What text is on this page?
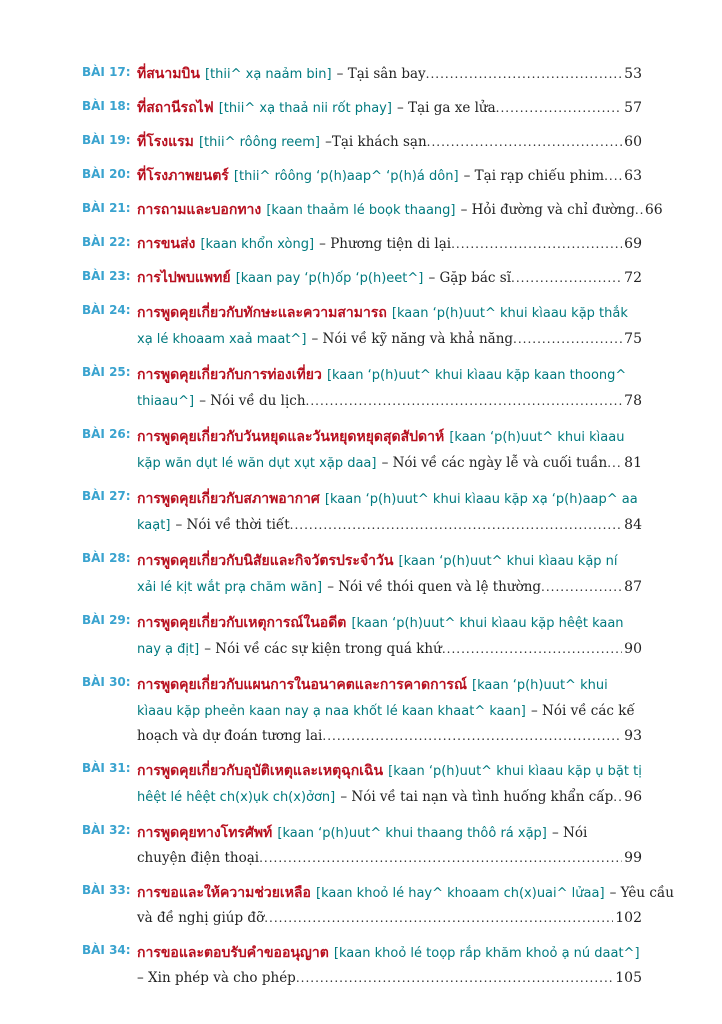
BÀI 17: ที่สนามบิน
[thii^ xạ naảm bin]
– Tại sân bay .....	53
BÀI 18: ที่สถานีรถไฟ
[thii^ xạ thaả nii rốt phay]
– Tại ga xe lửa .....	57
BÀI 19: ที่โรงแรม
[thii^ rôông reem]
–Tại khách sạn .....	60
BÀI 20: ที่โรงภาพยนตร์
[thii^ rôông ‘p(h)aap^ ‘p(h)á dôn]
– Tại rạp chiếu phim ..... 63
BÀI 21: การถามและบอกทาง
[kaan thaảm lé boọk thaang]
– Hỏi đường và chỉ đường ..... 66
BÀI 22: การขนส่ง
[kaan khổn xòng]
– Phương tiện di lại .....	69
BÀI 23: การไปพบแพทย์
[kaan pay ‘p(h)ốp ‘p(h)eet^]
– Gặp bác sĩ .....	72
BÀI 24: การพูดคุยเกี่ยวกับทักษะและความสามารถ
[kaan ‘p(h)uut^ khui kìaau kặp thắk
xạ lé khoaam xaả maat^]
– Nói về kỹ năng và khả năng .....	75
BÀI 25: การพูดคุยเกี่ยวกับการท่องเที่ยว
[kaan ‘p(h)uut^ khui kìaau kặp kaan thoong^
thiaau^]
– Nói về du lịch .....	78
BÀI 26: การพูดคุยเกี่ยวกับวันหยุดและวันหยุดหยุดสุดสัปดาห์
[kaan ‘p(h)uut^ khui kìaau
kặp wăn dụt lé wăn dụt xụt xặp daa]
– Nói về các ngày lễ và cuối tuần ..... 81
BÀI 27: การพูดคุยเกี่ยวกับสภาพอากาศ
[kaan ‘p(h)uut^ khui kìaau kặp xạ ‘p(h)aap^ aa
kaạt]
– Nói về thời tiết .....	84
BÀI 28: การพูดคุยเกี่ยวกับนิสัยและกิจวัตรประจำวัน
[kaan ‘p(h)uut^ khui kìaau kặp ní
xải lé kịt wắt prạ chăm wăn]
– Nói về thói quen và lệ thường .....	87
BÀI 29: การพูดคุยเกี่ยวกับเหตุการณ์ในอดีต
[kaan ‘p(h)uut^ khui kìaau kặp hêệt kaan
nay ạ địt]
– Nói về các sự kiện trong quá khứ .....	90
BÀI 30: การพูดคุยเกี่ยวกับแผนการในอนาคตและการคาดการณ์
[kaan ‘p(h)uut^ khui
kìaau kặp pheẻn kaan nay ạ naa khốt lé kaan khaat^ kaan]
– Nói về các kế
hoạch và dự đoán tương lai .....	93
BÀI 31: การพูดคุยเกี่ยวกับอุบัติเหตุและเหตุฉุกเฉิน
[kaan ‘p(h)uut^ khui kìaau kặp ụ bặt tị
hêệt lé hêệt ch(x)ụk ch(x)ởơn]
– Nói về tai nạn và tình huống khẩn cấp ..... 96
BÀI 32: การพูดคุยทางโทรศัพท์
[kaan ‘p(h)uut^ khui thaang thôô rá xặp]
– Nói
chuyện điện thoại .....	99
BÀI 33: การขอและให้ความช่วยเหลือ
[kaan khoỏ lé hay^ khoaam ch(x)uai^ lửaa]
– Yêu cầu
và đề nghị giúp đỡ .....	102
BÀI 34: การขอและตอบรับคำขออนุญาต
[kaan khoỏ lé toọp rắp khăm khoỏ ạ nú daat^]
– Xin phép và cho phép .....	105
